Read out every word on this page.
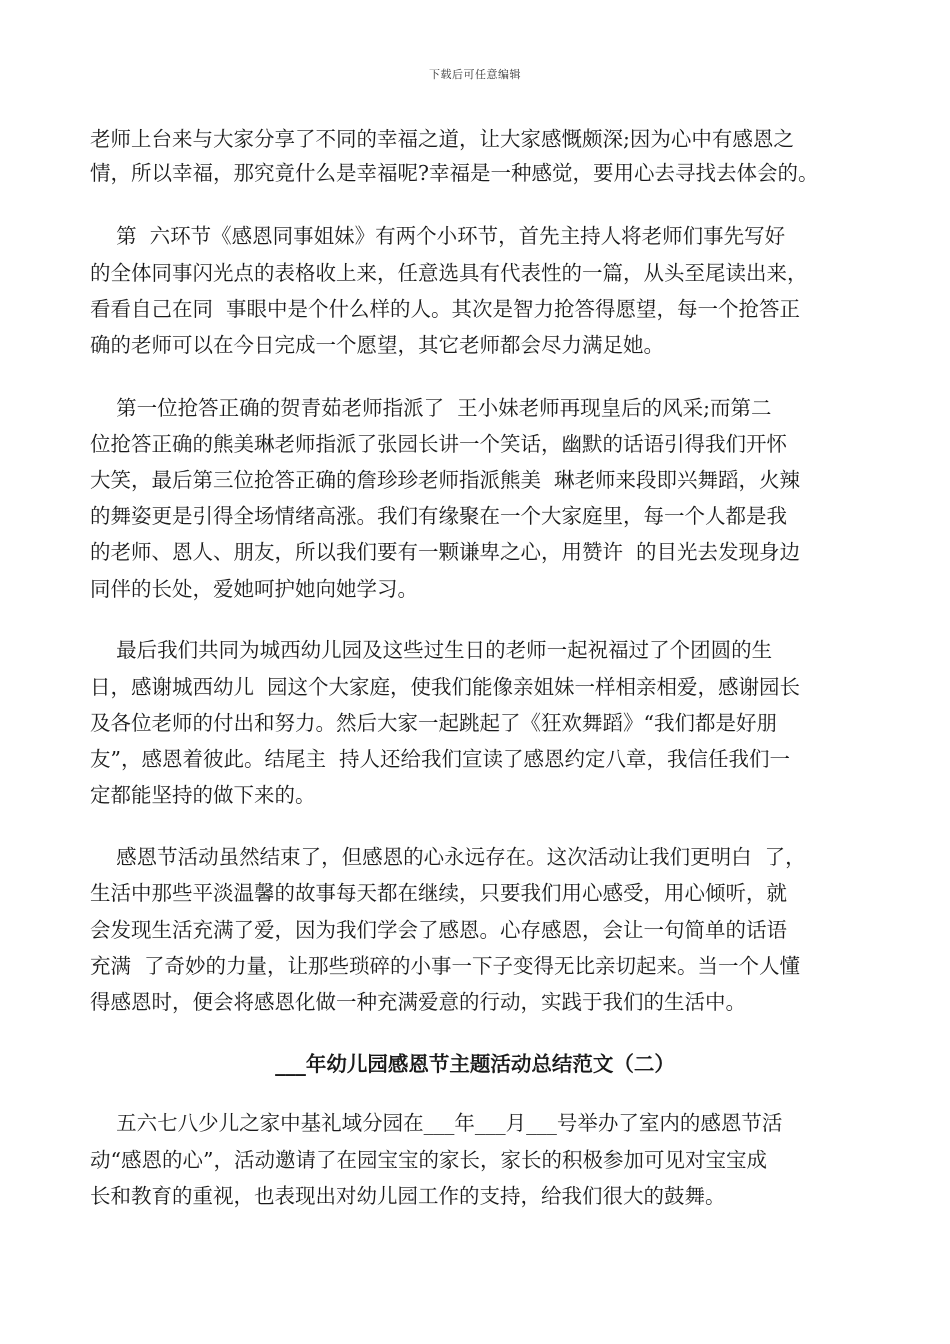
下载后可任意编辑
老师上台来与大家分享了不同的幸福之道，让大家感慨颇深;因为心中有感恩之
情，所以幸福，那究竟什么是幸福呢?幸福是一种感觉，要用心去寻找去体会的。
第  六环节《感恩同事姐妹》有两个小环节，首先主持人将老师们事先写好
的全体同事闪光点的表格收上来，任意选具有代表性的一篇，从头至尾读出来，
看看自己在同  事眼中是个什么样的人。其次是智力抢答得愿望，每一个抢答正
确的老师可以在今日完成一个愿望，其它老师都会尽力满足她。
第一位抢答正确的贺青茹老师指派了  王小妹老师再现皇后的风采;而第二
位抢答正确的熊美琳老师指派了张园长讲一个笑话，幽默的话语引得我们开怀
大笑，最后第三位抢答正确的詹珍珍老师指派熊美  琳老师来段即兴舞蹈，火辣
的舞姿更是引得全场情绪高涨。我们有缘聚在一个大家庭里，每一个人都是我
的老师、恩人、朋友，所以我们要有一颗谦卑之心，用赞许  的目光去发现身边
同伴的长处，爱她呵护她向她学习。
最后我们共同为城西幼儿园及这些过生日的老师一起祝福过了个团圆的生
日，感谢城西幼儿  园这个大家庭，使我们能像亲姐妹一样相亲相爱，感谢园长
及各位老师的付出和努力。然后大家一起跳起了《狂欢舞蹈》“我们都是好朋
友”，感恩着彼此。结尾主  持人还给我们宣读了感恩约定八章，我信任我们一
定都能坚持的做下来的。
感恩节活动虽然结束了，但感恩的心永远存在。这次活动让我们更明白  了，
生活中那些平淡温馨的故事每天都在继续，只要我们用心感受，用心倾听，就
会发现生活充满了爱，因为我们学会了感恩。心存感恩，会让一句简单的话语
充满  了奇妙的力量，让那些琐碎的小事一下子变得无比亲切起来。当一个人懂
得感恩时，便会将感恩化做一种充满爱意的行动，实践于我们的生活中。
___年幼儿园感恩节主题活动总结范文（二）
五六七八少儿之家中基礼域分园在___年___月___号举办了室内的感恩节活
动“感恩的心”，活动邀请了在园宝宝的家长，家长的积极参加可见对宝宝成
长和教育的重视，也表现出对幼儿园工作的支持，给我们很大的鼓舞。
